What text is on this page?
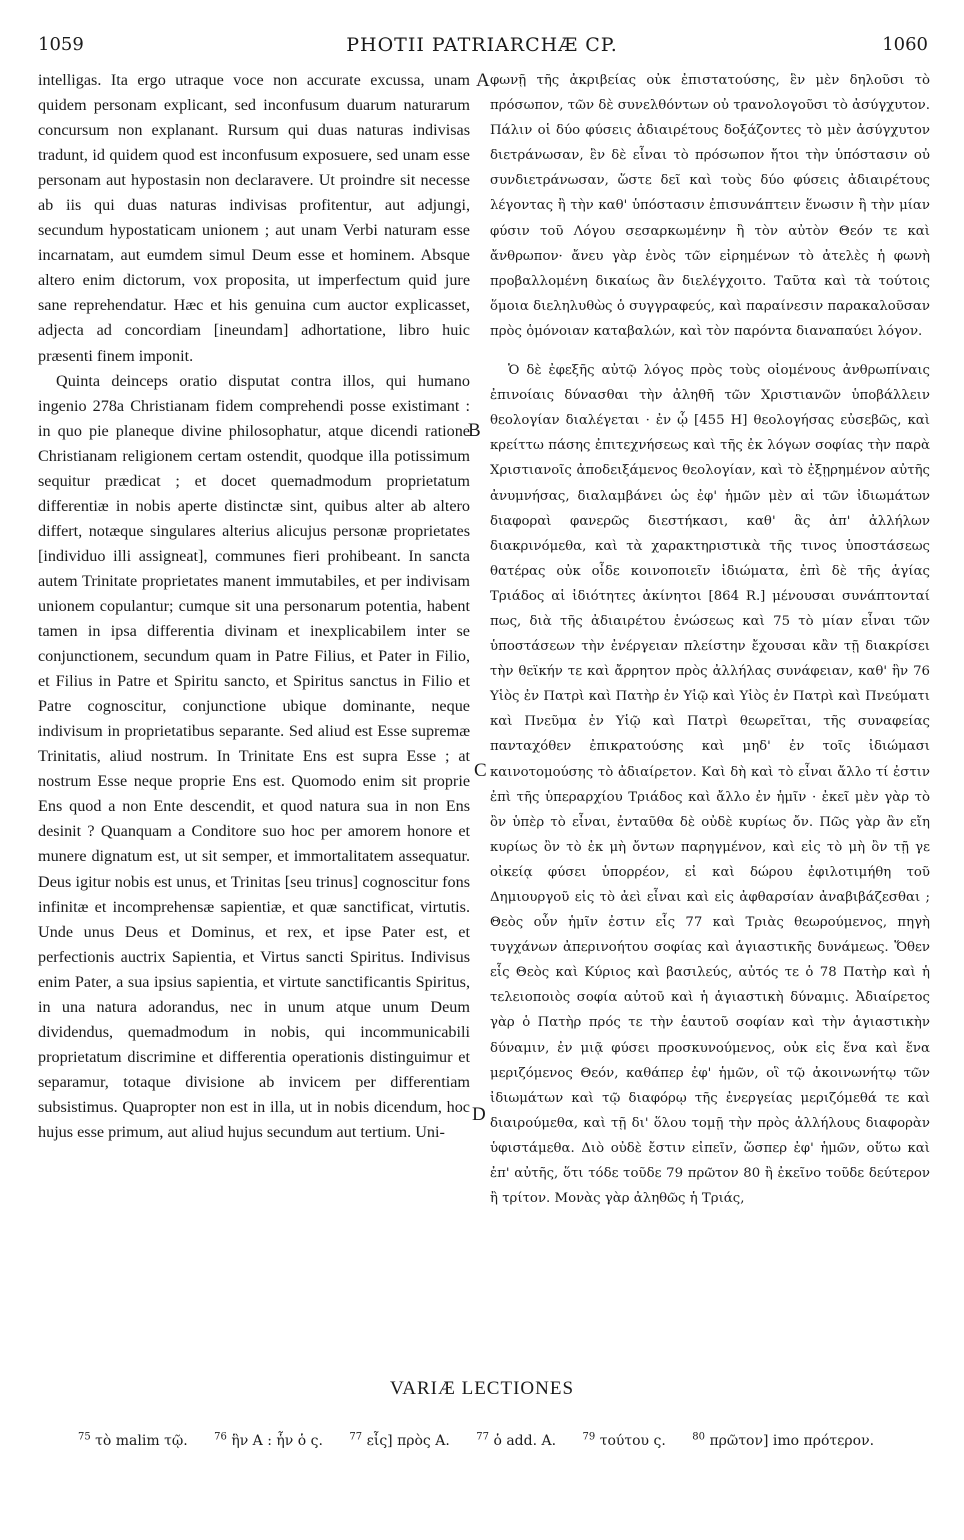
1059	PHOTII PATRIARCHÆ CP.	1060

intelligas. Ita ergo utraque voce non accurate excussa, unam quidem personam explicant, sed inconfusum duarum naturarum concursum non explanant. Rursum qui duas naturas indivisas tradunt, id quidem quod est inconfusum exposuere, sed unam esse personam aut hypostasin non declaravere. Ut proindre sit necesse ab iis qui duas naturas indivisas profitentur, aut adjungi, secundum hypostaticam unionem ; aut unam Verbi naturam esse incarnatam, aut eumdem simul Deum esse et hominem. Absque altero enim dictorum, vox proposita, ut imperfectum quid jure sane reprehendatur. Hæc et his genuina cum auctor explicasset, adjecta ad concordiam [ineundam] adhortatione, libro huic præsenti finem imponit.

Quinta deinceps oratio disputat contra illos, qui humano ingenio 278a Christianam fidem comprehendi posse existimant : in quo pie planeque divine philosophatur, atque dicendi ratione Christianam religionem certam ostendit, quodque illa potissimum sequitur prædicat ; et docet quemadmodum proprietatum differentiæ in nobis aperte distinctæ sint, quibus alter ab altero differt, notæque singulares alterius alicujus personæ proprietates [individuo illi assigneat], communes fieri prohibeant. In sancta autem Trinitate proprietates manent immutabiles, et per indivisam unionem copulantur; cumque sit una personarum potentia, habent tamen in ipsa differentia divinam et inexplicabilem inter se conjunctionem, secundum quam in Patre Filius, et Pater in Filio, et Filius in Patre et Spiritu sancto, et Spiritus sanctus in Filio et Patre cognoscitur, conjunctione ubique dominante, neque indivisum in proprietatibus separante. Sed aliud est Esse supremæ Trinitatis, aliud nostrum. In Trinitate Ens est supra Esse ; at nostrum Esse neque proprie Ens est. Quomodo enim sit proprie Ens quod a non Ente descendit, et quod natura sua in non Ens desinit ? Quanquam a Conditore suo hoc per amorem honore et munere dignatum est, ut sit semper, et immortalitatem assequatur. Deus igitur nobis est unus, et Trinitas [seu trinus] cognoscitur fons infinitæ et incomprehensæ sapientiæ, et quæ sanctificat, virtutis. Unde unus Deus et Dominus, et rex, et ipse Pater est, et perfectionis auctrix Sapientia, et Virtus sancti Spiritus. Indivisus enim Pater, a sua ipsius sapientia, et virtute sanctificantis Spiritus, in una natura adorandus, nec in unum atque unum Deum dividendus, quemadmodum in nobis, qui incommunicabili proprietatum discrimine et differentia operationis distinguimur et separamur, totaque divisione ab invicem per differentiam subsistimus. Quapropter non est in illa, ut in nobis dicendum, hoc hujus esse primum, aut aliud hujus secundum aut tertium. Uni-

A
B
C
D

φωνῇ τῆς ἀκριβείας οὐκ ἐπιστατούσης, ἓν μὲν δηλοῦσι τὸ πρόσωπον, τῶν δὲ συνελθόντων οὐ τρανολογοῦσι τὸ ἀσύγχυτον. Πάλιν οἱ δύο φύσεις ἀδιαιρέτους δοξάζοντες τὸ μὲν ἀσύγχυτον διετράνωσαν, ἓν δὲ εἶναι τὸ πρόσωπον ἤτοι τὴν ὑπόστασιν οὐ συνδιετράνωσαν, ὥστε δεῖ καὶ τοὺς δύο φύσεις ἀδιαιρέτους λέγοντας ἢ τὴν καθ' ὑπόστασιν ἐπισυνάπτειν ἕνωσιν ἢ τὴν μίαν φύσιν τοῦ Λόγου σεσαρκωμένην ἢ τὸν αὐτὸν Θεόν τε καὶ ἄνθρωπον· ἄνευ γὰρ ἑνὸς τῶν εἰρημένων τὸ ἀτελὲς ἡ φωνὴ προβαλλομένη δικαίως ἂν διελέγχοιτο. Ταῦτα καὶ τὰ τούτοις ὅμοια διεληλυθὼς ὁ συγγραφεύς, καὶ παραίνεσιν παρακαλοῦσαν πρὸς ὁμόνοιαν καταβαλών, καὶ τὸν παρόντα διαναπαύει λόγον.

Ὁ δὲ ἐφεξῆς αὐτῷ λόγος πρὸς τοὺς οἰομένους ἀνθρωπίναις ἐπινοίαις δύνασθαι τὴν ἀληθῆ τῶν Χριστιανῶν ὑποβάλλειν θεολογίαν διαλέγεται · ἐν ᾧ [455 H] θεολογήσας εὐσεβῶς, καὶ κρείττω πάσης ἐπιτεχνήσεως καὶ τῆς ἐκ λόγων σοφίας τὴν παρὰ Χριστιανοῖς ἀποδειξάμενος θεολογίαν, καὶ τὸ ἐξῃρημένον αὐτῆς ἀνυμνήσας, διαλαμβάνει ὡς ἐφ' ἡμῶν μὲν αἱ τῶν ἰδιωμάτων διαφοραὶ φανερῶς διεστήκασι, καθ' ἃς ἀπ' ἀλλήλων διακρινόμεθα, καὶ τὰ χαρακτηριστικὰ τῆς τινος ὑποστάσεως θατέρας οὐκ οἶδε κοινοποιεῖν ἰδιώματα, ἐπὶ δὲ τῆς ἁγίας Τριάδος αἱ ἰδιότητες ἀκίνητοι [864 R.] μένουσαι συνάπτονταί πως, διὰ τῆς ἀδιαιρέτου ἑνώσεως καὶ 75 τὸ μίαν εἶναι τῶν ὑποστάσεων τὴν ἐνέργειαν πλείστην ἔχουσαι κἂν τῇ διακρίσει τὴν θεϊκήν τε καὶ ἄρρητον πρὸς ἀλλήλας συνάφειαν, καθ' ἣν 76 Υἱὸς ἐν Πατρὶ καὶ Πατὴρ ἐν Υἱῷ καὶ Υἱὸς ἐν Πατρὶ καὶ Πνεύματι καὶ Πνεῦμα ἐν Υἱῷ καὶ Πατρὶ θεωρεῖται, τῆς συναφείας πανταχόθεν ἐπικρατούσης καὶ μηδ' ἐν τοῖς ἰδιώμασι καινοτομούσης τὸ ἀδιαίρετον. Καὶ δὴ καὶ τὸ εἶναι ἄλλο τί ἐστιν ἐπὶ τῆς ὑπεραρχίου Τριάδος καὶ ἄλλο ἐν ἡμῖν · ἐκεῖ μὲν γὰρ τὸ ὂν ὑπὲρ τὸ εἶναι, ἐνταῦθα δὲ οὐδὲ κυρίως ὄν. Πῶς γὰρ ἂν εἴη κυρίως ὂν τὸ ἐκ μὴ ὄντων παρηγμένον, καὶ εἰς τὸ μὴ ὂν τῇ γε οἰκείᾳ φύσει ὑπορρέον, εἰ καὶ δώρου ἐφιλοτιμήθη τοῦ Δημιουργοῦ εἰς τὸ ἀεὶ εἶναι καὶ εἰς ἀφθαρσίαν ἀναβιβάζεσθαι ; Θεὸς οὖν ἡμῖν ἐστιν εἷς 77 καὶ Τριὰς θεωρούμενος, πηγὴ τυγχάνων ἀπερινοήτου σοφίας καὶ ἁγιαστικῆς δυνάμεως. Ὅθεν εἷς Θεὸς καὶ Κύριος καὶ βασιλεύς, αὐτός τε ὁ 78 Πατὴρ καὶ ἡ τελειοποιὸς σοφία αὐτοῦ καὶ ἡ ἁγιαστικὴ δύναμις. Ἀδιαίρετος γὰρ ὁ Πατὴρ πρός τε τὴν ἑαυτοῦ σοφίαν καὶ τὴν ἁγιαστικὴν δύναμιν, ἐν μιᾷ φύσει προσκυνούμενος, οὐκ εἰς ἕνα καὶ ἕνα μεριζόμενος Θεόν, καθάπερ ἐφ' ἡμῶν, οἳ τῷ ἀκοινωνήτῳ τῶν ἰδιωμάτων καὶ τῷ διαφόρῳ τῆς ἐνεργείας μεριζόμεθά τε καὶ διαιρούμεθα, καὶ τῇ δι' ὅλου τομῇ τὴν πρὸς ἀλλήλους διαφορὰν ὑφιστάμεθα. Διὸ οὐδὲ ἔστιν εἰπεῖν, ὥσπερ ἐφ' ἡμῶν, οὕτω καὶ ἐπ' αὐτῆς, ὅτι τόδε τοῦδε 79 πρῶτον 80 ἢ ἐκεῖνο τοῦδε δεύτερον ἢ τρίτον. Μονὰς γὰρ ἀληθῶς ἡ Τριάς,

VARIÆ LECTIONES
$^{75}$ τὸ malim τῷ.	$^{76}$ ἣν A : ἧν ὁ ς.	$^{77}$ εἷς] πρὸς A.	$^{77}$ ὁ add. A.	$^{79}$ τούτου ς.	$^{80}$ πρῶτον] imo πρότερον.
